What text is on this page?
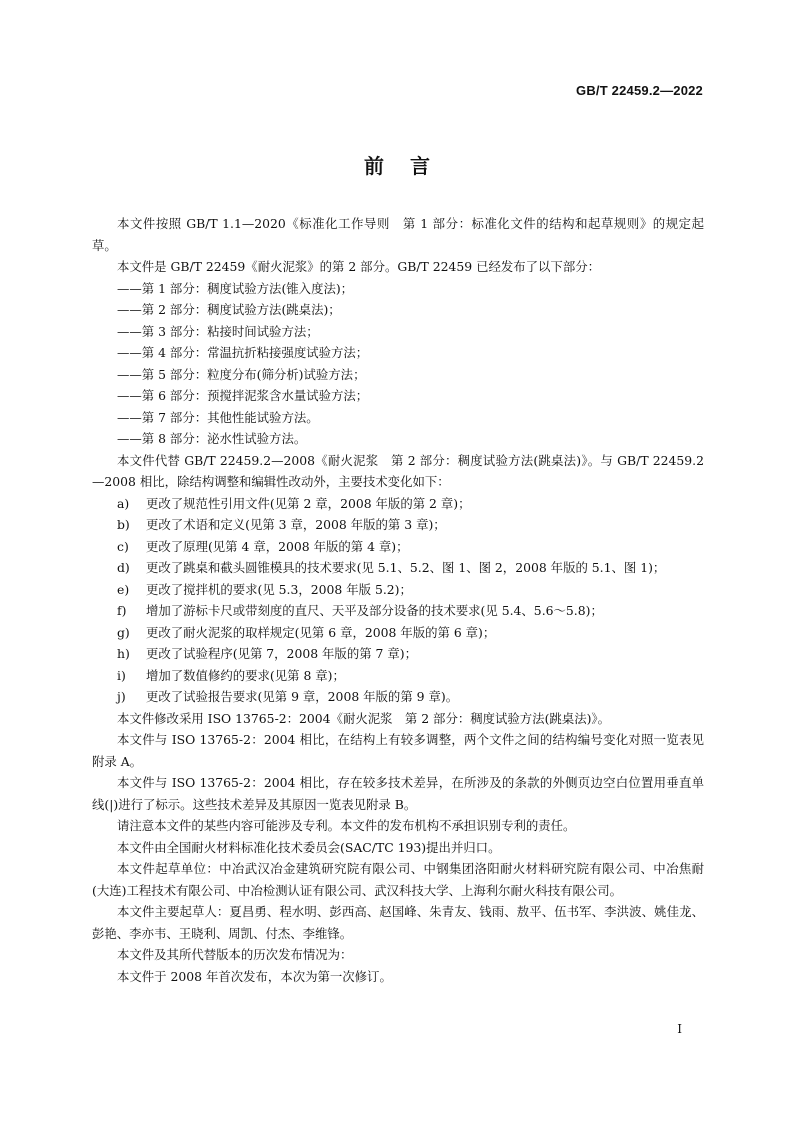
GB/T 22459.2—2022
前言

本文件按照 GB/T 1.1—2020《标准化工作导则　第 1 部分：标准化文件的结构和起草规则》的规定起草。

本文件是 GB/T 22459《耐火泥浆》的第 2 部分。GB/T 22459 已经发布了以下部分：

——第 1 部分：稠度试验方法(锥入度法)；

——第 2 部分：稠度试验方法(跳桌法)；

——第 3 部分：粘接时间试验方法；

——第 4 部分：常温抗折粘接强度试验方法；

——第 5 部分：粒度分布(筛分析)试验方法；

——第 6 部分：预搅拌泥浆含水量试验方法；

——第 7 部分：其他性能试验方法。

——第 8 部分：泌水性试验方法。

本文件代替 GB/T 22459.2—2008《耐火泥浆　第 2 部分：稠度试验方法(跳桌法)》。与 GB/T 22459.2—2008 相比，除结构调整和编辑性改动外，主要技术变化如下：

a) 更改了规范性引用文件(见第 2 章，2008 年版的第 2 章)；

b) 更改了术语和定义(见第 3 章，2008 年版的第 3 章)；

c) 更改了原理(见第 4 章，2008 年版的第 4 章)；

d) 更改了跳桌和截头圆锥模具的技术要求(见 5.1、5.2、图 1、图 2，2008 年版的 5.1、图 1)；

e) 更改了搅拌机的要求(见 5.3，2008 年版 5.2)；

f) 增加了游标卡尺或带刻度的直尺、天平及部分设备的技术要求(见 5.4、5.6～5.8)；

g) 更改了耐火泥浆的取样规定(见第 6 章，2008 年版的第 6 章)；

h) 更改了试验程序(见第 7，2008 年版的第 7 章)；

i) 增加了数值修约的要求(见第 8 章)；

j) 更改了试验报告要求(见第 9 章，2008 年版的第 9 章)。

本文件修改采用 ISO 13765-2：2004《耐火泥浆　第 2 部分：稠度试验方法(跳桌法)》。

本文件与 ISO 13765-2：2004 相比，在结构上有较多调整，两个文件之间的结构编号变化对照一览表见附录 A。

本文件与 ISO 13765-2：2004 相比，存在较多技术差异，在所涉及的条款的外侧页边空白位置用垂直单线(|)进行了标示。这些技术差异及其原因一览表见附录 B。

请注意本文件的某些内容可能涉及专利。本文件的发布机构不承担识别专利的责任。

本文件由全国耐火材料标准化技术委员会(SAC/TC 193)提出并归口。

本文件起草单位：中冶武汉冶金建筑研究院有限公司、中钢集团洛阳耐火材料研究院有限公司、中冶焦耐(大连)工程技术有限公司、中冶检测认证有限公司、武汉科技大学、上海利尔耐火科技有限公司。

本文件主要起草人：夏昌勇、程水明、彭西高、赵国峰、朱青友、钱雨、敖平、伍书军、李洪波、姚佳龙、彭艳、李亦韦、王晓利、周凯、付杰、李维锋。

本文件及其所代替版本的历次发布情况为：

本文件于 2008 年首次发布，本次为第一次修订。

I
